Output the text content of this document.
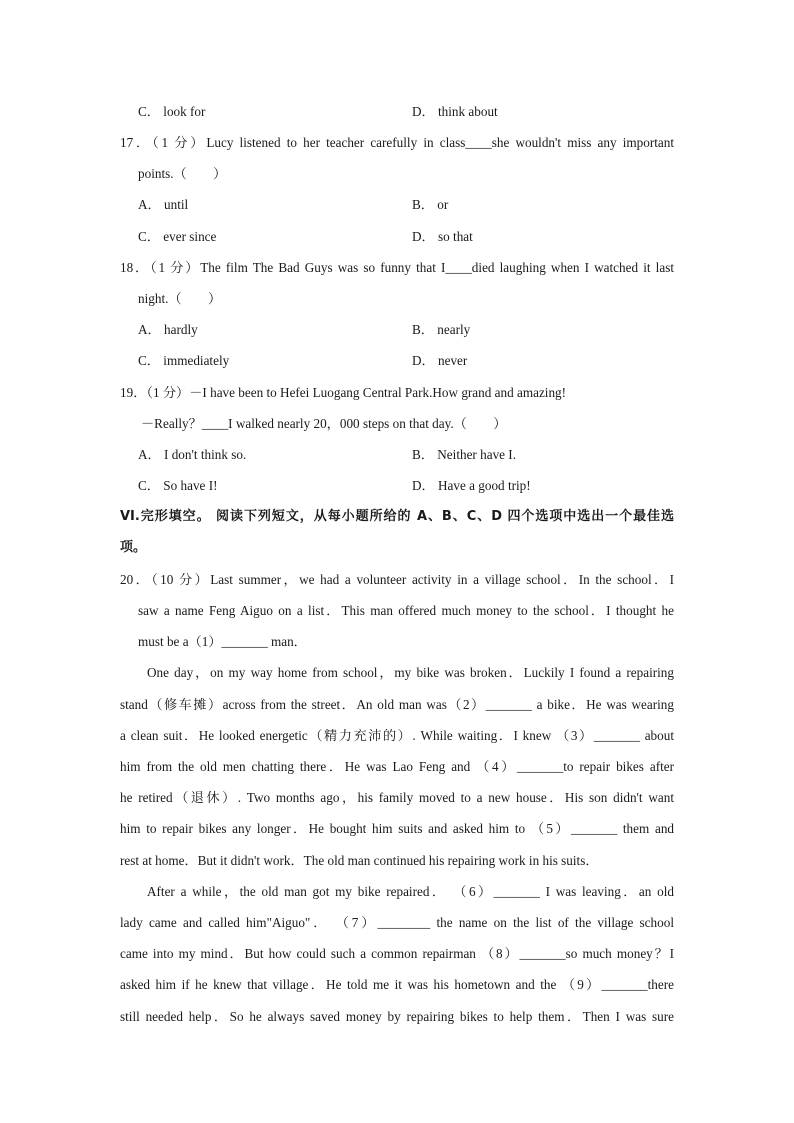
C． look for	D． think about
17．（1 分）Lucy listened to her teacher carefully in class____she wouldn't miss any important
points.（　　）
A． until	B． or
C． ever since	D． so that
18．（1 分）The film The Bad Guys was so funny that I____died laughing when I watched it last
night.（　　）
A． hardly	B． nearly
C． immediately	D． never
19．（1 分）－I have been to Hefei Luogang Central Park.How grand and amazing!
－Really？____I walked nearly 20，000 steps on that day.（　　）
A． I don't think so.	B． Neither have I.
C． So have I!	D． Have a good trip!
VI.完形填空。 阅读下列短文，从每小题所给的 A、B、C、D 四个选项中选出一个最佳选
项。
20．（10 分）Last summer，we had a volunteer activity in a village school．In the school．I
saw a name Feng Aiguo on a list．This man offered much money to the school．I thought he
must be a（1）_______ man．
One day，on my way home from school，my bike was broken．Luckily I found a repairing
stand（修车摊）across from the street．An old man was（2）_______ a bike．He was wearing
a clean suit．He looked energetic（精力充沛的）. While waiting．I knew （3）_______ about
him from the old men chatting there．He was Lao Feng and （4）_______to repair bikes after
he retired（退休）. Two months ago，his family moved to a new house．His son didn't want
him to repair bikes any longer．He bought him suits and asked him to （5）_______ them and
rest at home．But it didn't work．The old man continued his repairing work in his suits．
After a while，the old man got my bike repaired． （6）_______ I was leaving．an old
lady came and called him"Aiguo"． （7）________ the name on the list of the village school
came into my mind．But how could such a common repairman （8）_______so much money？I
asked him if he knew that village．He told me it was his hometown and the （9）_______there
still needed help．So he always saved money by repairing bikes to help them．Then I was sure
